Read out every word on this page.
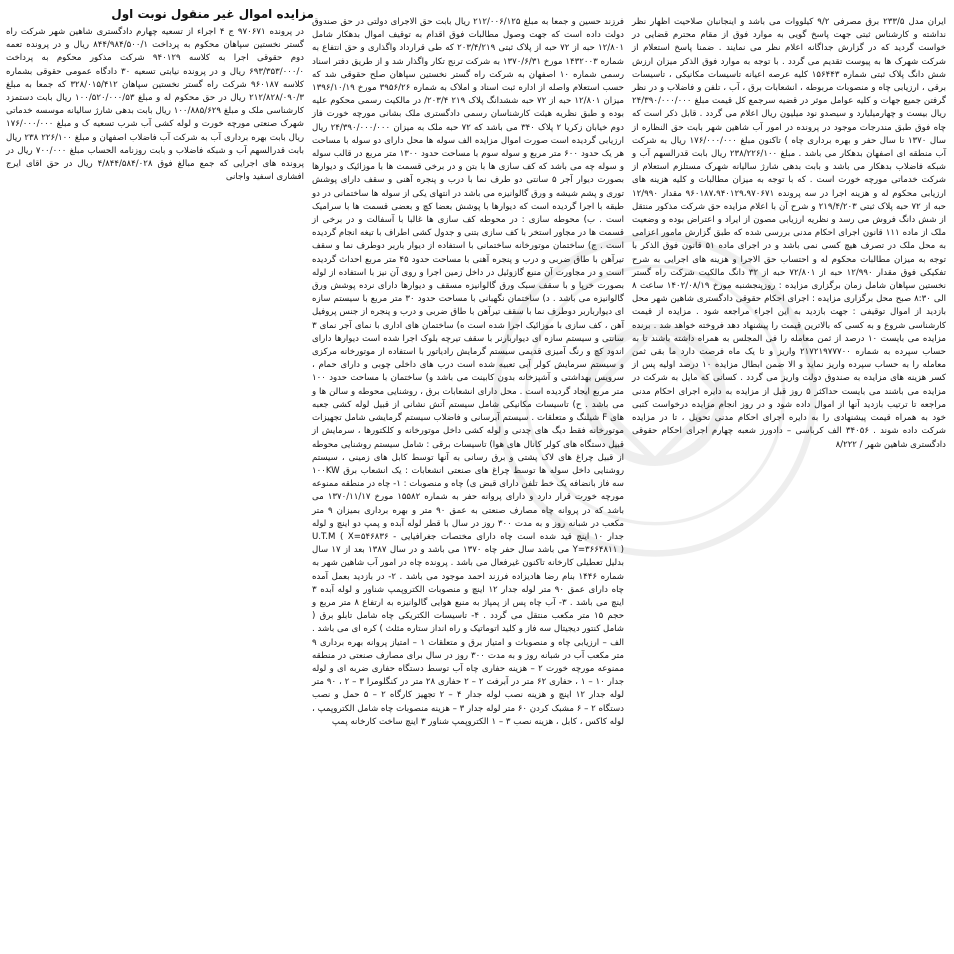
مزایده اموال غیر منقول نوبت اول

ایران مدل ۲۳۳/۵ برق مصرفی ۹/۲ کیلووات می باشد و اینجانبان صلاحیت اظهار نظر نداشته و کارشناس ثبتی جهت پاسخ گویی به موارد فوق از مقام محترم قضایی در خواست گردید که در گزارش جداگانه اعلام نظر می نمایند . ضمنا پاسخ استعلام از شرکت شهرک ها به پیوست تقدیم می گردد . با توجه به موارد فوق الذکر میزان ارزش شش دانگ پلاک ثبتی شماره ۱۵۶۴۴۳ کلیه عرصه اعیانه تاسیسات مکانیکی ، تاسیسات برقی ، ارزیابی چاه و منصوبات مربوطه ، انشعابات برق ، آب ، تلفن و فاضلاب و در نظر گرفتن جمیع جهات و کلیه عوامل موثر در قضیه سرجمع کل قیمت مبلغ ۲۴/۳۹۰/۰۰۰/۰۰۰ ریال بیست و چهارمیلیارد و سیصدو نود میلیون ریال اعلام می گردد . قابل ذکر است که چاه فوق طبق مندرجات موجود در پرونده در امور آب شاهین شهر بابت حق النظاره از سال ۱۳۷۰ تا سال حفر و بهره برداری چاه ) تاکنون مبلغ ۱۷۶/۰۰۰/۰۰۰ ریال به شرکت آب منطقه ای اصفهان بدهکار می باشد . مبلغ ۲۳۸/۲۲۶/۱۰۰ ریال بابت قدرالسهم آب و شبکه فاضلاب بدهکار می باشد و بابت بدهی شارژ سالیانه شهرک مستلزم استعلام از شرکت خدماتی مورچه خورت است . که با توجه به میزان مطالبات و کلیه هزینه های ارزیابی محکوم له و هزینه اجرا در سه پرونده ۹۶۰۱۸۷،۹۴۰۱۲۹،۹۷۰۶۷۱ مقدار ۱۲/۹۹۰ حبه از ۷۲ حبه پلاک ثبتی ۲۱۹/۴/۲۰۳ و شرح آن با اعلام مزایده حق شرکت مذکور منتقل از شش دانگ فروش می رسد و نظریه ارزیابی مصون از ایراد و اعتراض بوده و وضعیت ملک از ماده ۱۱۱ قانون اجرای احکام مدنی بررسی شده که طبق گزارش مامور اعزامی به محل ملک در تصرف هیچ کسی نمی باشد و در اجرای ماده ۵۱ قانون فوق الذکر با توجه به میزان مطالبات محکوم له و احتساب حق الاجرا و هزینه های اجرایی به شرح تفکیکی فوق مقدار ۱۲/۹۹۰ حبه از ۷۲/۸۰۱ حبه از ۳۲ دانگ مالکیت شرکت راه گستر نخستین سپاهان شامل زمان برگزاری مزایده : روزپنجشنبه مورخ ۱۴۰۲/۰۸/۱۹ ساعت ۸ الی ۸:۳۰ صبح محل برگزاری مزایده : اجرای احکام حقوقی دادگستری شاهین شهر محل بازدید از اموال توقیفی : جهت بازدید به این اجراء مراجعه شود . مزایده از قیمت کارشناسی شروع و به کسی که بالاترین قیمت را پیشنهاد دهد فروخته خواهد شد . برنده مزایده می بایست ۱۰ درصد از ثمن معامله را فی المجلس به همراه داشته باشند تا به حساب سپرده به شماره ۲۱۷۲۱۹۷۷۷۰۰ واریز و تا یک ماه فرصت دارد ما بقی ثمن معامله را به حساب سپرده واریز نماید و الا ضمن ابطال مزایده ۱۰ درصد اولیه پس از کسر هزینه های مزایده به صندوق دولت واریز می گردد . کسانی که مایل به شرکت در مزایده می باشند می بایست حداکثر ۵ روز قبل از مزایده به دایره اجرای احکام مدنی مراجعه تا ترتیب بازدید آنها از اموال داده شود و در روز انجام مزایده درخواست کتبی خود به همراه قیمت پیشنهادی را به دایره اجرای احکام مدنی تحویل ، تا در مزایده شرکت داده شوند . ۳۴۰۵۶ الف کرباسی – دادورز شعبه چهارم اجرای احکام حقوقی دادگستری شاهین شهر / ۸/۲۲۲

فرزند حسین و جمعا به مبلغ ۲۱۲/۰۰۶/۱۲۵ ریال بابت حق الاجرای دولتی در حق صندوق دولت داده است که جهت وصول مطالبات فوق اقدام به توقیف اموال بدهکار شامل ۱۲/۸۰۱ حبه از ۷۲ حبه از پلاک ثبتی ۲۰۳/۴/۲۱۹ که طی قرارداد واگذاری و حق انتفاع به شماره ۱۴۳۲۰۰۳ مورخ ۱۳۷۰/۶/۳۱ به شرکت ترنج تکار واگذار شد و از طریق دفتر اسناد رسمی شماره ۱۰ اصفهان به شرکت راه گستر نخستین سپاهان صلح حقوقی شد که حسب استعلام واصله از اداره ثبت اسناد و املاک به شماره ۳۹۵۶/۲۶ مورخ ۱۳۹۶/۱۰/۱۹ میزان ۱۲/۸۰۱ حبه از ۷۲ حبه ششدانگ پلاک ۲۱۹ ۲۰۳/۴/ در مالکیت رسمی محکوم علیه بوده و طبق نظریه هیئت کارشناسان رسمی دادگستری ملک بشانی مورچه خورت فاز دوم خیابان زکریا ۲ پلاک ۳۴۰ می باشد که ۷۲ حبه ملک به میزان ۲۴/۳۹۰/۰۰۰/۰۰۰ ریال ارزیابی گردیده است صورت اموال مزایده الف سوله ها محل دارای دو سوله با مساحت هر یک حدود ۶۰۰ متر مربع و سوله سوم با مساحت حدود ۱۳۰۰ متر مربع در قالب سوله و سوله چه می باشد که کف سازی ها با بتن و در برخی قسمت ها با موزائیک و دیوارها بصورت دیوار آجر ۵ سانتی دو طرف نما با درب و پنجره آهنی و سقف دارای پوشش توری و پشم شیشه و ورق گالوانیزه می باشد در انتهای یکی از سوله ها ساختمانی در دو طبقه با اجرا گردیده است که دیوارها با پوشش بعضا کچ و بعضی قسمت ها با سرامیک است . ب) محوطه سازی : در محوطه کف سازی ها غالبا با آسفالت و در برخی از قسمت ها در مجاور استخر با کف سازی بتنی و جدول کشی اطراف با تیغه انجام گردیده است . ج) ساختمان موتورخانه ساختمانی با استفاده از دیوار باربر دوطرف نما و سقف تیرآهن با طاق ضربی و درب و پنجره آهنی با مساحت حدود ۴۵ متر مربع احداث گردیده است و در مجاورت آن منبع گازوئیل در داخل زمین اجرا و روی آن نیز با استفاده از لوله بصورت خرپا و با سقف سبک ورق گالوانیزه مسقف و دیوارها دارای نرده پوشش ورق گالوانیزه می باشد . د) ساختمان نگهبانی با مساحت حدود ۳۰ متر مربع با سیستم سازه ای دیوارباربر دوطرف نما با سقف تیرآهن با طاق ضربی و درب و پنجره از جنس پروفیل آهن ، کف سازی با موزائیک اجرا شده است ه) ساختمان های اداری با نمای آجر نمای ۳ سانتی و سیستم سازه ای دیواربارنر با سقف تیرچه بلوک اجرا شده است دیوارها دارای اندود کچ و رنگ آمیزی قدیمی سیستم گرمایش رادیاتور با استفاده از موتورخانه مرکزی و سیستم سرمایش کولر آبی تعبیه شده است درب های داخلی چوبی و دارای حمام ، سرویس بهداشتی و آشپزخانه بدون کابینت می باشد و) ساختمان با مساحت حدود ۱۰۰ متر مربع ایجاد گردیده است . محل دارای انشعابات برق ، روشنایی محوطه و سالن ها و می باشد . ح) تاسیسات مکانیکی شامل سیستم آتش نشانی از قبیل لوله کشی جعبه های F شیلنگ و متعلقات . سیستم آبرسانی و فاضلاب سیستم گرمایشی شامل تجهیزات موتورخانه فقط دیگ های چدنی و لوله کشی داخل موتورخانه و کلکتورها ، سرمایش از قبیل دستگاه های کولر کانال های هوا) تاسیسات برقی : شامل سیستم روشنایی محوطه از قبیل چراغ های لاک پشتی و برق رسانی به آنها توسط کابل های زمینی ، سیستم روشنایی داخل سوله ها توسط چراغ های صنعتی انشعابات : یک انشعاب برق ۱۰۰KW سه فاز بانضافه یک خط تلفن دارای قبض ی) چاه و منصوبات : ۱- چاه در منطقه ممنوعه مورچه خورت قرار دارد و دارای پروانه حفر به شماره ۱۵۵۸۲ مورخ ۱۳۷۰/۱۱/۱۷ می باشد که در پروانه چاه مصارف صنعتی به عمق ۹۰ متر و بهره برداری بمیزان ۹ متر مکعب در شبانه روز و به مدت ۳۰۰ روز در سال با قطر لوله آبده و پمپ دو اینچ و لوله جدار ۱۰ اینچ قید شده است چاه دارای مختصات جغرافیایی U.T.M ( X=۵۴۶۸۳۶ - Y=۳۶۶۴۸۱۱ ) می باشد سال حفر چاه ۱۳۷۰ می باشد و در سال ۱۳۸۷ بعد از ۱۷ سال بدلیل تعطیلی کارخانه تاکنون غیرفعال می باشد . پرونده چاه در امور آب شاهین شهر به شماره ۱۴۴۶ بنام رضا هادیزاده فرزند احمد موجود می باشد . ۲- در بازدید بعمل آمده چاه دارای عمق ۹۰ متر لوله جدار ۱۲ اینچ و منصوبات الکتروپمپ شناور و لوله آبده ۳ اینچ می باشد . ۳- آب چاه پس از پمپاژ به منبع هوایی گالوانیزه به ارتفاع ۸ متر مربع و حجم ۱۵ متر مکعب منتقل می گردد . ۴- تاسیسات الکتریکی چاه شامل تابلو برق ( شامل کنتور دیجیتال سه فاز و کلید اتوماتیک و راه انداز ستاره مثلث ) کره ای می باشد . الف – ارزیابی چاه و منصوبات و امتیاز برق و متعلقات ۱ – امتیاز پروانه بهره برداری ۹ متر مکعب آب در شبانه روز و به مدت ۳۰۰ روز در سال برای مصارف صنعتی در منطقه ممنوعه مورچه خورت ۲ – هزینه حفاری چاه آب توسط دستگاه حفاری ضربه ای و لوله جدار ۱۰ – ۱ ، حفاری ۶۲ متر در آبرفت ۲ – ۲ حفاری ۲۸ متر در کنگلومرا ۳ – ۲ ، ۹۰ متر لوله جدار ۱۲ اینچ و هزینه نصب لوله جدار ۴ – ۲ تجهیز کارگاه ۲ – ۵ حمل و نصب دستگاه ۲ – ۶ مشبک کردن ۶۰ متر لوله جدار ۳ – هزینه منصوبات چاه شامل الکتروپمپ ، لوله کاکس ، کابل ، هزینه نصب ۳ – ۱ الکتروپمپ شناور ۳ اینچ ساخت کارخانه پمپ

در پرونده ۹۷۰۶۷۱ ج ۴ اجراء از تسعیه چهارم دادگستری شاهین شهر شرکت راه گستر نخستین سپاهان محکوم به پرداخت ۸۴۴/۹۸۴/۵۰۰/۱ ریال و در پرونده تعمه دوم حقوقی اجرا به کلاسه ۹۴۰۱۲۹ شرکت مذکور محکوم به پرداخت ۶۹۳/۳۵۳/۰۰۰/۰ ریال و در پرونده نیابتی تسعیه ۳۰ دادگاه عمومی حقوقی بشماره کلاسه ۹۶۰۱۸۷ شرکت راه گستر نخستین سپاهان ۳۲۸/۰۱۵/۴۱۲ که جمعا به مبلغ ۲۱۲/۸۲۸/۰۹۰/۳ ریال در حق محکوم له و مبلغ ۱۰۰/۵۲۰/۰۰۰/۵۳ ریال بابت دستمزد کارشناسی ملک و مبلغ ۱۰۰/۸۸۵/۶۲۹ ریال بابت بدهی شارژ سالیانه موسسه خدماتی شهرک صنعتی مورچه خورت و لوله کشی آب شرب تسعیه ک و مبلغ ۱۷۶/۰۰۰/۰۰۰ ریال بابت بهره برداری آب به شرکت آب فاضلاب اصفهان و مبلغ ۲۲۶/۱۰۰ ۲۳۸ ریال بابت قدرالسهم آب و شبکه فاضلاب و بابت روزنامه الحساب مبلغ ۷۰۰/۰۰۰ ریال در پرونده های اجرایی که جمع مبالغ فوق ۴/۸۴۴/۵۸۴/۰۲۸ ریال در حق اقای ایرج افشاری اسفید واجانی
